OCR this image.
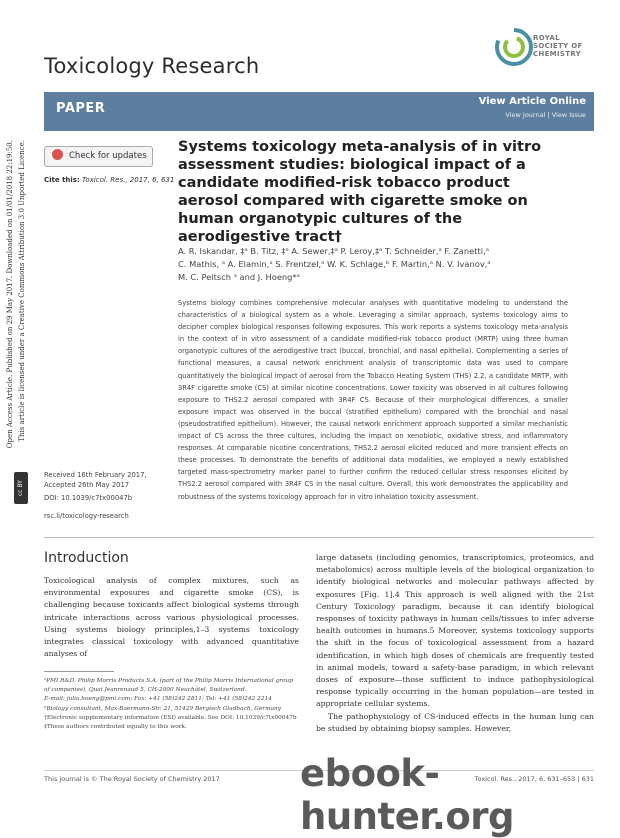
Toxicology Research
ROYAL SOCIETY OF CHEMISTRY
PAPER	View Article Online
View Journal | View Issue
Open Access Article. Published on 29 May 2017. Downloaded on 01/01/2018 22:19:50. This article is licensed under a Creative Commons Attribution 3.0 Unported Licence.
cc BY
Check for updates
Cite this: Toxicol. Res., 2017, 6, 631
Systems toxicology meta-analysis of in vitro assessment studies: biological impact of a candidate modified-risk tobacco product aerosol compared with cigarette smoke on human organotypic cultures of the aerodigestive tract†
A. R. Iskandar, ‡ᵃ B. Titz, ‡ᵃ A. Sewer,‡ᵃ P. Leroy,‡ᵃ T. Schneider,ᵃ F. Zanetti,ᵃ
C. Mathis, ᵃ A. Elamin,ᵃ S. Frentzel,ᵃ W. K. Schlage,ᵇ F. Martin,ᵃ N. V. Ivanov,ᵃ
M. C. Peitsch ᵃ and J. Hoeng*ᵃ
Systems biology combines comprehensive molecular analyses with quantitative modeling to understand the characteristics of a biological system as a whole. Leveraging a similar approach, systems toxicology aims to decipher complex biological responses following exposures. This work reports a systems toxicology meta-analysis in the context of in vitro assessment of a candidate modified-risk tobacco product (MRTP) using three human organotypic cultures of the aerodigestive tract (buccal, bronchial, and nasal epithelia). Complementing a series of functional measures, a causal network enrichment analysis of transcriptomic data was used to compare quantitatively the biological impact of aerosol from the Tobacco Heating System (THS) 2.2, a candidate MRTP, with 3R4F cigarette smoke (CS) at similar nicotine concentrations. Lower toxicity was observed in all cultures following exposure to THS2.2 aerosol compared with 3R4F CS. Because of their morphological differences, a smaller exposure impact was observed in the buccal (stratified epithelium) compared with the bronchial and nasal (pseudostratified epithelium). However, the causal network enrichment approach supported a similar mechanistic impact of CS across the three cultures, including the impact on xenobiotic, oxidative stress, and inflammatory responses. At comparable nicotine concentrations, THS2.2 aerosol elicited reduced and more transient effects on these processes. To demonstrate the benefits of additional data modalities, we employed a newly established targeted mass-spectrometry marker panel to further confirm the reduced cellular stress responses elicited by THS2.2 aerosol compared with 3R4F CS in the nasal culture. Overall, this work demonstrates the applicability and robustness of the systems toxicology approach for in vitro inhalation toxicity assessment.
Received 16th February 2017,
Accepted 26th May 2017
DOI: 10.1039/c7tx00047b
rsc.li/toxicology-research
Introduction
Toxicological analysis of complex mixtures, such as environmental exposures and cigarette smoke (CS), is challenging because toxicants affect biological systems through intricate interactions across various physiological processes. Using systems biology principles,1–3 systems toxicology integrates classical toxicology with advanced quantitative analyses of
large datasets (including genomics, transcriptomics, proteomics, and metabolomics) across multiple levels of the biological organization to identify biological networks and molecular pathways affected by exposures [Fig. 1].4 This approach is well aligned with the 21st Century Toxicology paradigm, because it can identify biological responses of toxicity pathways in human cells/tissues to infer adverse health outcomes in humans.5 Moreover, systems toxicology supports the shift in the focus of toxicological assessment from a hazard identification, in which high doses of chemicals are frequently tested in animal models, toward a safety-base paradigm, in which relevant doses of exposure—those sufficient to induce pathophysiological response typically occurring in the human population—are tested in appropriate cellular systems.
The pathophysiology of CS-induced effects in the human lung can be studied by obtaining biopsy samples. However,
ᵃPMI R&D, Philip Morris Products S.A. (part of the Philip Morris International group of companies), Quai Jeanrenaud 5, CH-2000 Neuchâtel, Switzerland.
E-mail: julia.hoeng@pmi.com; Fax: +41 (58)242 2811; Tel: +41 (58)242 2214
ᵇBiology consultant, Max-Baermann-Str. 21, 51429 Bergisch Gladbach, Germany
†Electronic supplementary information (ESI) available. See DOI: 10.1039/c7tx00047b
‡These authors contributed equally to this work.
This journal is © The Royal Society of Chemistry 2017	Toxicol. Res., 2017, 6, 631–653 | 631
ebook-hunter.org
